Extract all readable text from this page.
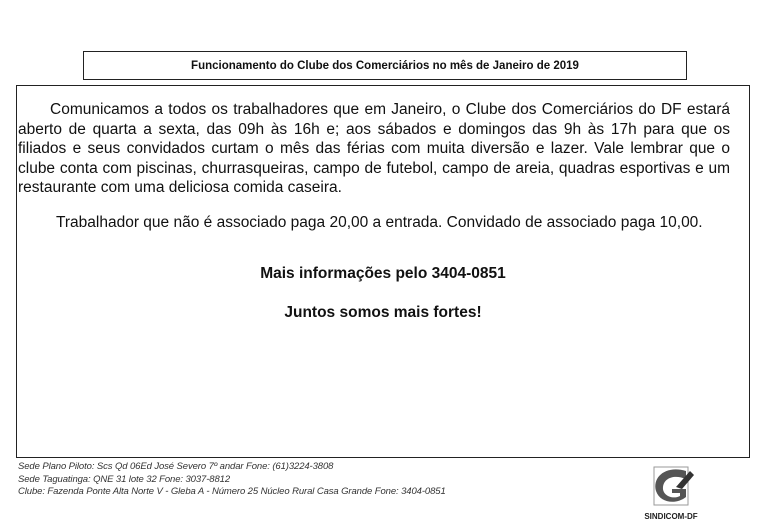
Funcionamento do Clube dos Comerciários no mês de Janeiro de 2019

Comunicamos a todos os trabalhadores que em Janeiro, o Clube dos Comerciários do DF estará aberto de quarta a sexta, das 09h às 16h e; aos sábados e domingos das 9h às 17h para que os filiados e seus convidados curtam o mês das férias com muita diversão e lazer. Vale lembrar que o clube conta com piscinas, churrasqueiras, campo de futebol, campo de areia, quadras esportivas e um restaurante com uma deliciosa comida caseira.

Trabalhador que não é associado paga 20,00 a entrada. Convidado de associado paga 10,00.

Mais informações pelo 3404-0851

Juntos somos mais fortes!

Sede Plano Piloto: Scs Qd 06Ed José Severo 7º andar Fone: (61)3224-3808
Sede Taguatinga: QNE 31 lote 32 Fone: 3037-8812
Clube: Fazenda Ponte Alta Norte V - Gleba A - Número 25 Núcleo Rural Casa Grande Fone: 3404-0851
SINDICOM-DF
